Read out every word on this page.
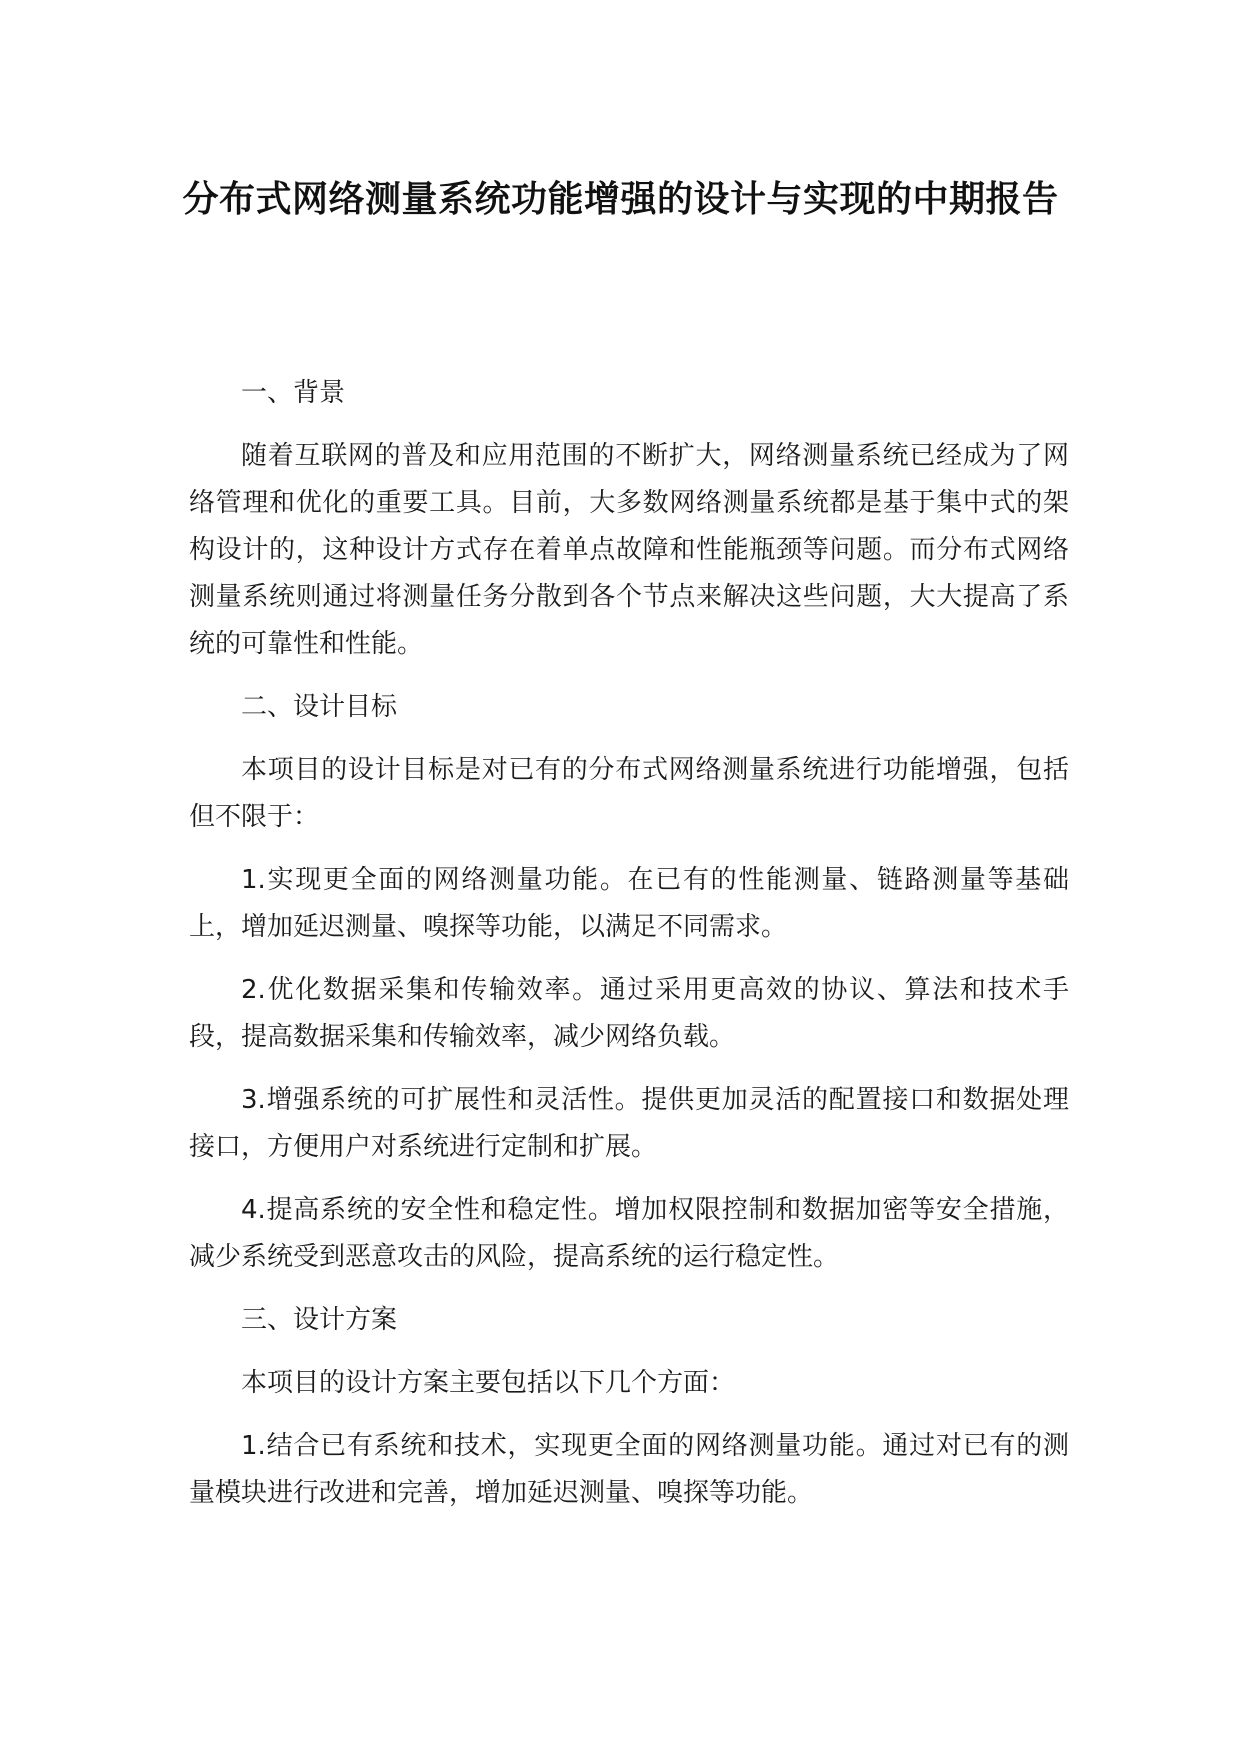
分布式网络测量系统功能增强的设计与实现的中期报告

一、背景

随着互联网的普及和应用范围的不断扩大，网络测量系统已经成为了网络管理和优化的重要工具。目前，大多数网络测量系统都是基于集中式的架构设计的，这种设计方式存在着单点故障和性能瓶颈等问题。而分布式网络测量系统则通过将测量任务分散到各个节点来解决这些问题，大大提高了系统的可靠性和性能。

二、设计目标

本项目的设计目标是对已有的分布式网络测量系统进行功能增强，包括但不限于：

1.实现更全面的网络测量功能。在已有的性能测量、链路测量等基础上，增加延迟测量、嗅探等功能，以满足不同需求。

2.优化数据采集和传输效率。通过采用更高效的协议、算法和技术手段，提高数据采集和传输效率，减少网络负载。

3.增强系统的可扩展性和灵活性。提供更加灵活的配置接口和数据处理接口，方便用户对系统进行定制和扩展。

4.提高系统的安全性和稳定性。增加权限控制和数据加密等安全措施，减少系统受到恶意攻击的风险，提高系统的运行稳定性。

三、设计方案

本项目的设计方案主要包括以下几个方面：

1.结合已有系统和技术，实现更全面的网络测量功能。通过对已有的测量模块进行改进和完善，增加延迟测量、嗅探等功能。
